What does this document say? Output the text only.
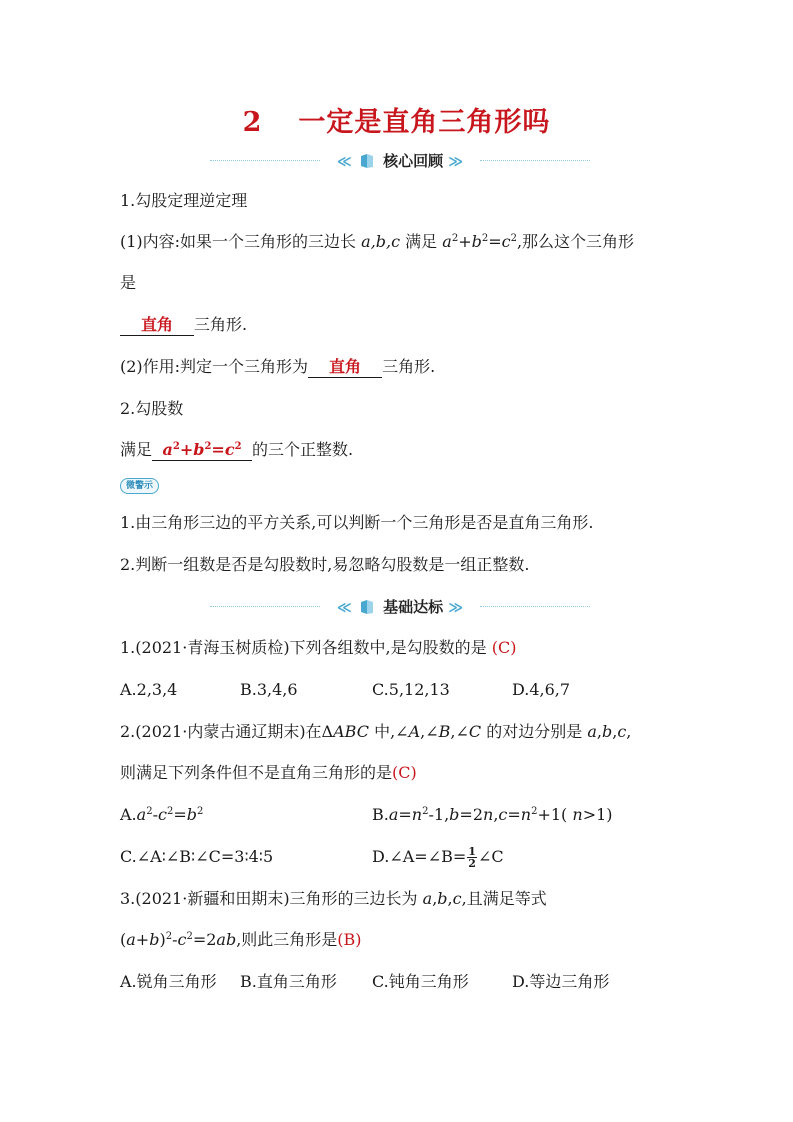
2 一定是直角三角形吗
≪ 核心回顾 ≫
1.勾股定理逆定理
(1)内容:如果一个三角形的三边长 a,b,c 满足 $a^2+b^2=c^2$,那么这个三角形
是
直角 三角形.
(2)作用:判定一个三角形为 直角 三角形.
2.勾股数
满足 $a^2+b^2=c^2$ 的三个正整数.
微警示
1.由三角形三边的平方关系,可以判断一个三角形是否是直角三角形.
2.判断一组数是否是勾股数时,易忽略勾股数是一组正整数.
≪ 基础达标 ≫
1.(2021·青海玉树质检)下列各组数中,是勾股数的是 (C)
A.2,3,4	B.3,4,6	C.5,12,13	D.4,6,7
2.(2021·内蒙古通辽期末)在ΔABC 中,∠A,∠B,∠C 的对边分别是 a,b,c,
则满足下列条件但不是直角三角形的是(C)
$A.a^2-c^2=b^2$	$B.a=n^2-1,b=2n,c=n^2+1$( n>1)
C.∠A∶∠B∶∠C=3∶4∶5	D.∠A=∠B= $\frac{1}{2}$ ∠C
3.(2021·新疆和田期末)三角形的三边长为 a,b,c,且满足等式
$(a+b)^2-c^2=2ab$,则此三角形是(B)
A.锐角三角形 B.直角三角形 C.钝角三角形	D.等边三角形
